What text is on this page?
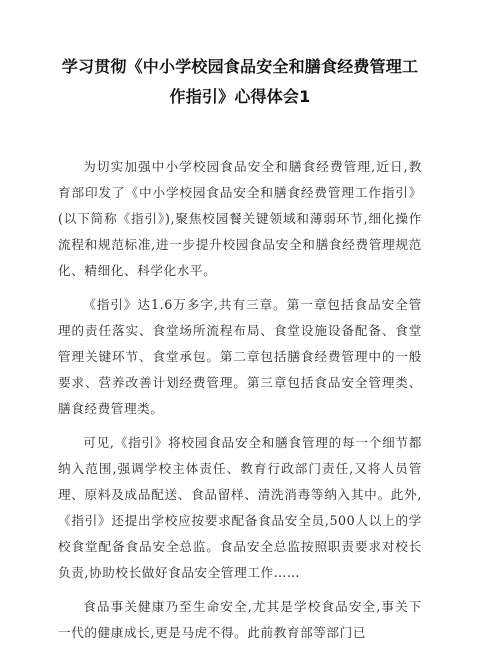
学习贯彻《中小学校园食品安全和膳食经费管理工作指引》心得体会1

为切实加强中小学校园食品安全和膳食经费管理,近日,教育部印发了《中小学校园食品安全和膳食经费管理工作指引》(以下简称《指引》),聚焦校园餐关键领域和薄弱环节,细化操作流程和规范标准,进一步提升校园食品安全和膳食经费管理规范化、精细化、科学化水平。

《指引》达1.6万多字,共有三章。第一章包括食品安全管理的责任落实、食堂场所流程布局、食堂设施设备配备、食堂管理关键环节、食堂承包。第二章包括膳食经费管理中的一般要求、营养改善计划经费管理。第三章包括食品安全管理类、膳食经费管理类。

可见,《指引》将校园食品安全和膳食管理的每一个细节都纳入范围,强调学校主体责任、教育行政部门责任,又将人员管理、原料及成品配送、食品留样、清洗消毒等纳入其中。此外,《指引》还提出学校应按要求配备食品安全员,500人以上的学校食堂配备食品安全总监。食品安全总监按照职责要求对校长负责,协助校长做好食品安全管理工作……

食品事关健康乃至生命安全,尤其是学校食品安全,事关下一代的健康成长,更是马虎不得。此前教育部等部门已
